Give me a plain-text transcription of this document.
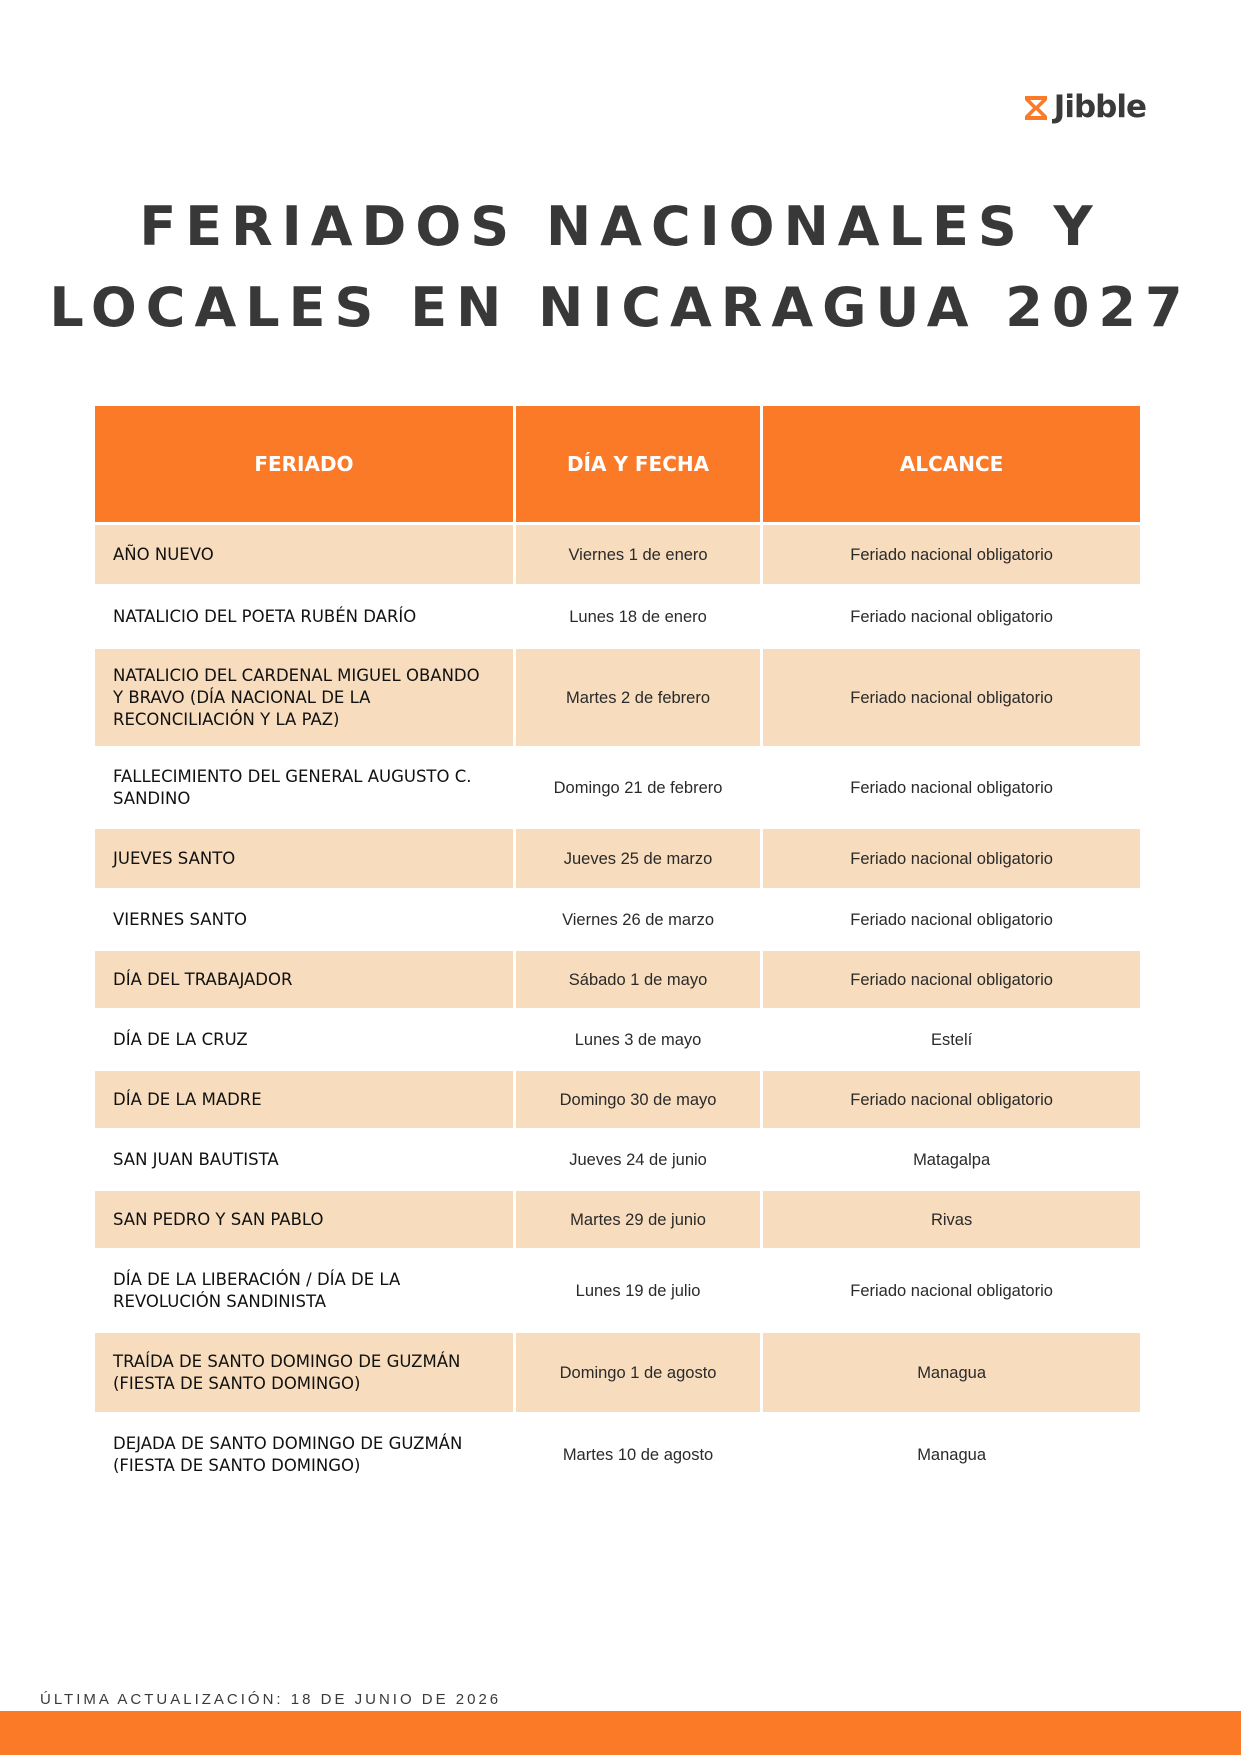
Jibble
FERIADOS NACIONALES Y
LOCALES EN NICARAGUA 2027
FERIADO	DÍA Y FECHA	ALCANCE
AÑO NUEVO	Viernes 1 de enero	Feriado nacional obligatorio
NATALICIO DEL POETA RUBÉN DARÍO	Lunes 18 de enero	Feriado nacional obligatorio
NATALICIO DEL CARDENAL MIGUEL OBANDO Y BRAVO (DÍA NACIONAL DE LA RECONCILIACIÓN Y LA PAZ)	Martes 2 de febrero	Feriado nacional obligatorio
FALLECIMIENTO DEL GENERAL AUGUSTO C. SANDINO	Domingo 21 de febrero	Feriado nacional obligatorio
JUEVES SANTO	Jueves 25 de marzo	Feriado nacional obligatorio
VIERNES SANTO	Viernes 26 de marzo	Feriado nacional obligatorio
DÍA DEL TRABAJADOR	Sábado 1 de mayo	Feriado nacional obligatorio
DÍA DE LA CRUZ	Lunes 3 de mayo	Estelí
DÍA DE LA MADRE	Domingo 30 de mayo	Feriado nacional obligatorio
SAN JUAN BAUTISTA	Jueves 24 de junio	Matagalpa
SAN PEDRO Y SAN PABLO	Martes 29 de junio	Rivas
DÍA DE LA LIBERACIÓN / DÍA DE LA REVOLUCIÓN SANDINISTA	Lunes 19 de julio	Feriado nacional obligatorio
TRAÍDA DE SANTO DOMINGO DE GUZMÁN (FIESTA DE SANTO DOMINGO)	Domingo 1 de agosto	Managua
DEJADA DE SANTO DOMINGO DE GUZMÁN (FIESTA DE SANTO DOMINGO)	Martes 10 de agosto	Managua
ÚLTIMA ACTUALIZACIÓN: 18 DE JUNIO DE 2026
